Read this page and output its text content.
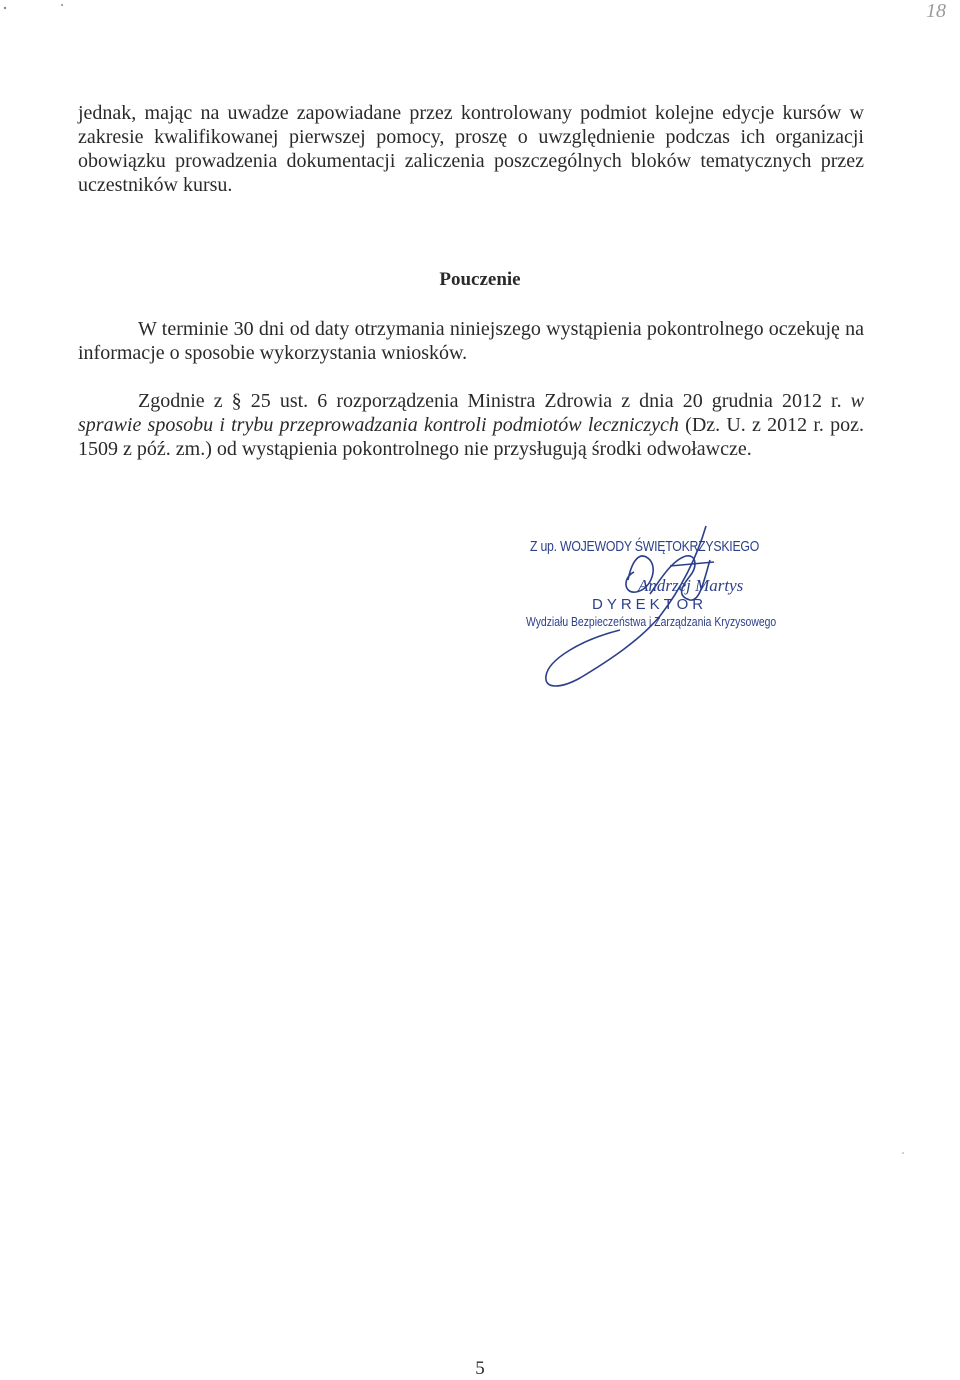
18

jednak, mając na uwadze zapowiadane przez kontrolowany podmiot kolejne edycje kursów w zakresie kwalifikowanej pierwszej pomocy, proszę o uwzględnienie podczas ich organizacji obowiązku prowadzenia dokumentacji zaliczenia poszczególnych bloków tematycznych przez uczestników kursu.

Pouczenie

W terminie 30 dni od daty otrzymania niniejszego wystąpienia pokontrolnego oczekuję na informacje o sposobie wykorzystania wniosków.

Zgodnie z § 25 ust. 6 rozporządzenia Ministra Zdrowia z dnia 20 grudnia 2012 r. w sprawie sposobu i trybu przeprowadzania kontroli podmiotów leczniczych (Dz. U. z 2012 r. poz. 1509 z póź. zm.) od wystąpienia pokontrolnego nie przysługują środki odwoławcze.

Z up. WOJEWODY ŚWIĘTOKRZYSKIEGO
Andrzej Martys
DYREKTOR
Wydziału Bezpieczeństwa i Zarządzania Kryzysowego

5
